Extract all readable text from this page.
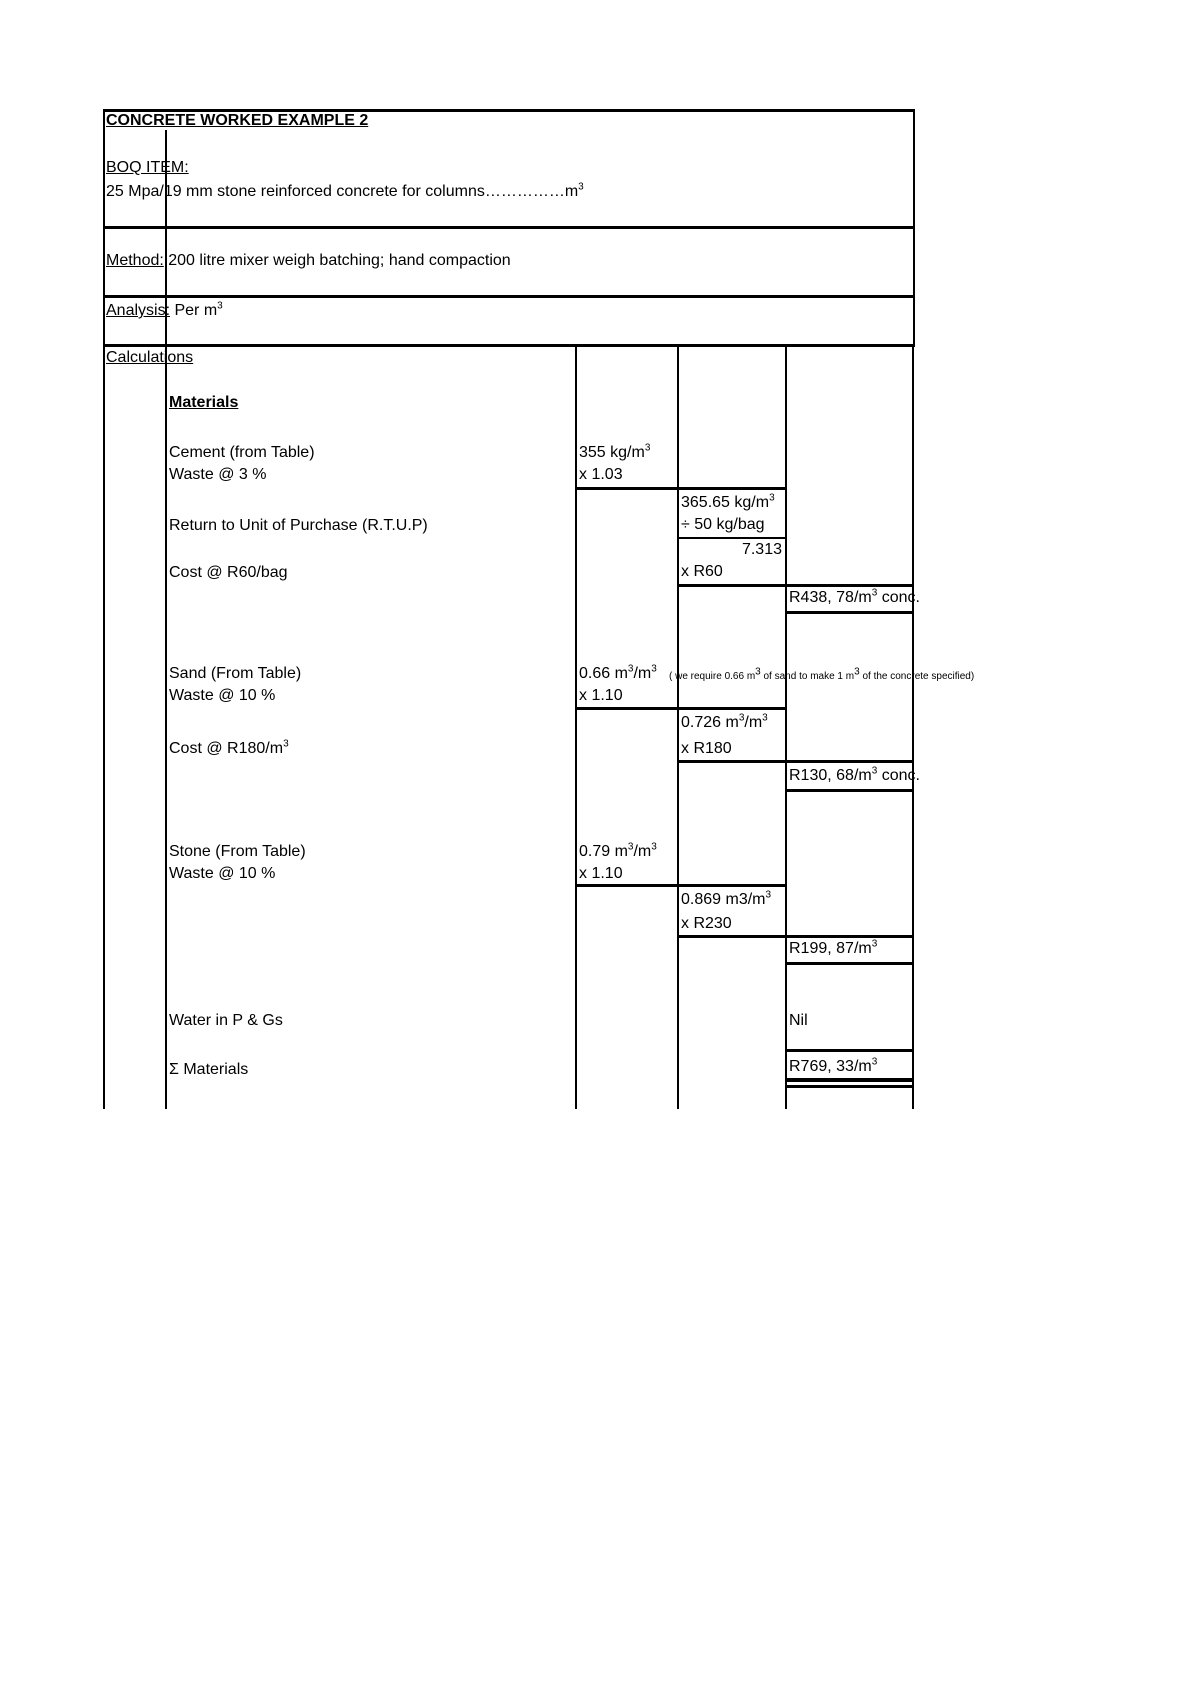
CONCRETE WORKED EXAMPLE 2
BOQ ITEM:
25 Mpa/19 mm stone reinforced concrete for $columns\dots\dots\dots\dots\dots m^3$
Method: 200 litre mixer weigh batching; hand compaction
Analysis: Per $m^3$
Calculations
Materials
Cement (from Table)
Waste @ 3 %
Return to Unit of Purchase (R.T.U.P)
Cost @ R60/bag
355 $kg/m^3$
x 1.03
365.65 $kg/m^3$
÷ 50 kg/bag
7.313
x R60
R438, $78/m^3$ conc.
Sand (From Table)
Waste @ 10 %
Cost @ $R180/m^3$
0.66 $m^3/m^3$
( we require 0.66 $m^3$ of sand to make 1 $m^3$ of the concrete specified)
x 1.10
0.726 $m^3/m^3$
x R180
R130, $68/m^3$ conc.
Stone (From Table)
Waste @ 10 %
0.79 $m^3/m^3$
x 1.10
0.869 $m3/m^3$
x R230
R199, $87/m^3$
Water in P & Gs	Nil
Σ Materials	R769, $33/m^3$
